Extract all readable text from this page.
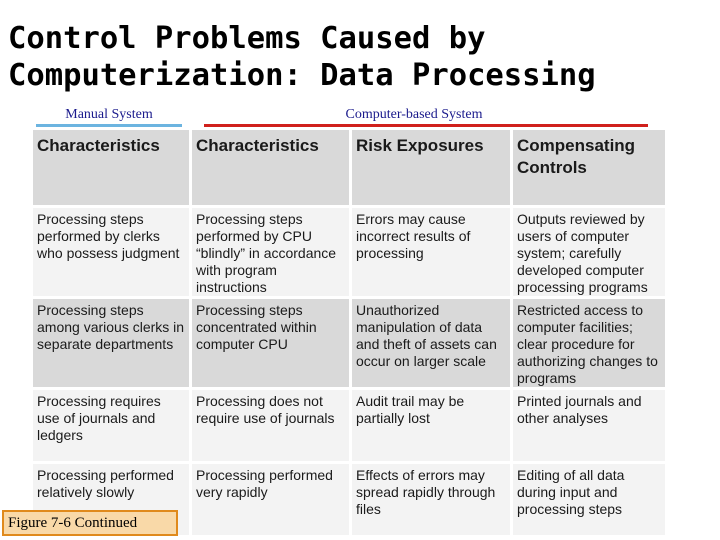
Control Problems Caused by
Computerization: Data Processing
Manual System	Computer-based System
Characteristics	Characteristics	Risk Exposures	Compensating Controls
Processing steps performed by clerks who possess judgment	Processing steps performed by CPU “blindly” in accordance with program instructions	Errors may cause incorrect results of processing	Outputs reviewed by users of computer system; carefully developed computer processing programs
Processing steps among various clerks in separate departments	Processing steps concentrated within computer CPU	Unauthorized manipulation of data and theft of assets can occur on larger scale	Restricted access to computer facilities; clear procedure for authorizing changes to programs
Processing requires use of journals and ledgers	Processing does not require use of journals	Audit trail may be partially lost	Printed journals and other analyses
Processing performed relatively slowly	Processing performed very rapidly	Effects of errors may spread rapidly through files	Editing of all data during input and processing steps
Figure 7-6 Continued
